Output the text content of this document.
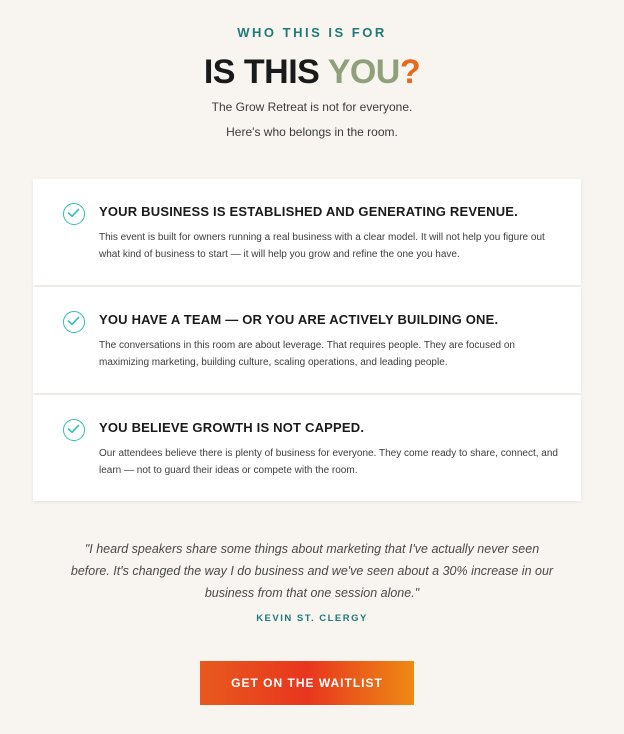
WHO THIS IS FOR
IS THIS YOU?

The Grow Retreat is not for everyone.

Here's who belongs in the room.

YOUR BUSINESS IS ESTABLISHED AND GENERATING REVENUE.
This event is built for owners running a real business with a clear model. It will not help you figure out what kind of business to start — it will help you grow and refine the one you have.
YOU HAVE A TEAM — OR YOU ARE ACTIVELY BUILDING ONE.
The conversations in this room are about leverage. That requires people. They are focused on maximizing marketing, building culture, scaling operations, and leading people.
YOU BELIEVE GROWTH IS NOT CAPPED.
Our attendees believe there is plenty of business for everyone. They come ready to share, connect, and learn — not to guard their ideas or compete with the room.
"I heard speakers share some things about marketing that I've actually never seen before. It's changed the way I do business and we've seen about a 30% increase in our business from that one session alone."
KEVIN ST. CLERGY
GET ON THE WAITLIST
